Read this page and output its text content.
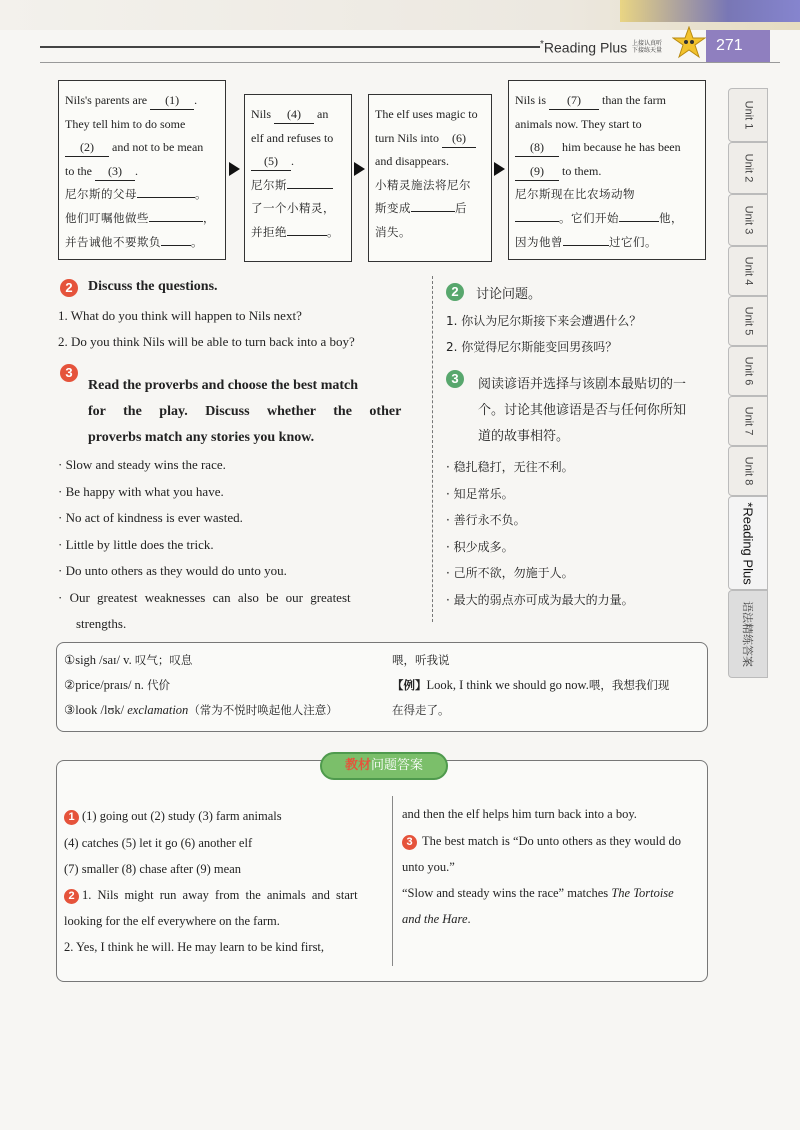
*Reading Plus 上接认真听
下接练天量	271
Unit 1
Unit 2
Unit 3
Unit 4
Unit 5
Unit 6
Unit 7
Unit 8
*Reading Plus
语法精练答案
Nils's parents are (1) .
They tell him to do some
(2) and not to be mean
to the (3) .
尼尔斯的父母	。
他们叮嘱他做些	，
并告诫他不要欺负	。
Nils (4) an
elf and refuses to
(5) .
尼尔斯
了一个小精灵，
并拒绝	。
The elf uses magic to
turn Nils into (6)
and disappears.
小精灵施法将尼尔
斯变成	后
消失。
Nils is (7) than the farm
animals now. They start to
(8) him because he has been
(9) to them.
尼尔斯现在比农场动物
。它们开始	他，
因为他曾	过它们。
2	Discuss the questions.
1. What do you think will happen to Nils next?
2. Do you think Nils will be able to turn back into a boy?
2	讨论问题。
1. 你认为尼尔斯接下来会遭遇什么？
2. 你觉得尼尔斯能变回男孩吗？
3
Read the proverbs and choose the best match
for the play. Discuss whether the other
proverbs match any stories you know.
· Slow and steady wins the race.
· Be happy with what you have.
· No act of kindness is ever wasted.
· Little by little does the trick.
· Do unto others as they would do unto you.
· Our greatest weaknesses can also be our greatest
strengths.
3	阅读谚语并选择与该剧本最贴切的一
个。讨论其他谚语是否与任何你所知
道的故事相符。
· 稳扎稳打，无往不利。
· 知足常乐。
· 善行永不负。
· 积少成多。
· 己所不欲，勿施于人。
· 最大的弱点亦可成为最大的力量。
①sigh /saɪ/ v. 叹气；叹息
②price/praɪs/ n. 代价
③look /lʊk/ exclamation（常为不悦时唤起他人注意）
喂，听我说
【例】Look, I think we should go now.喂，我想我们现
在得走了。
教材问题答案
1 (1) going out (2) study (3) farm animals
(4) catches (5) let it go (6) another elf
(7) smaller (8) chase after (9) mean
2 1. Nils might run away from the animals and start
looking for the elf everywhere on the farm.
2. Yes, I think he will. He may learn to be kind first,
and then the elf helps him turn back into a boy.
3 The best match is “Do unto others as they would do
unto you.”
“Slow and steady wins the race” matches The Tortoise
and the Hare.
